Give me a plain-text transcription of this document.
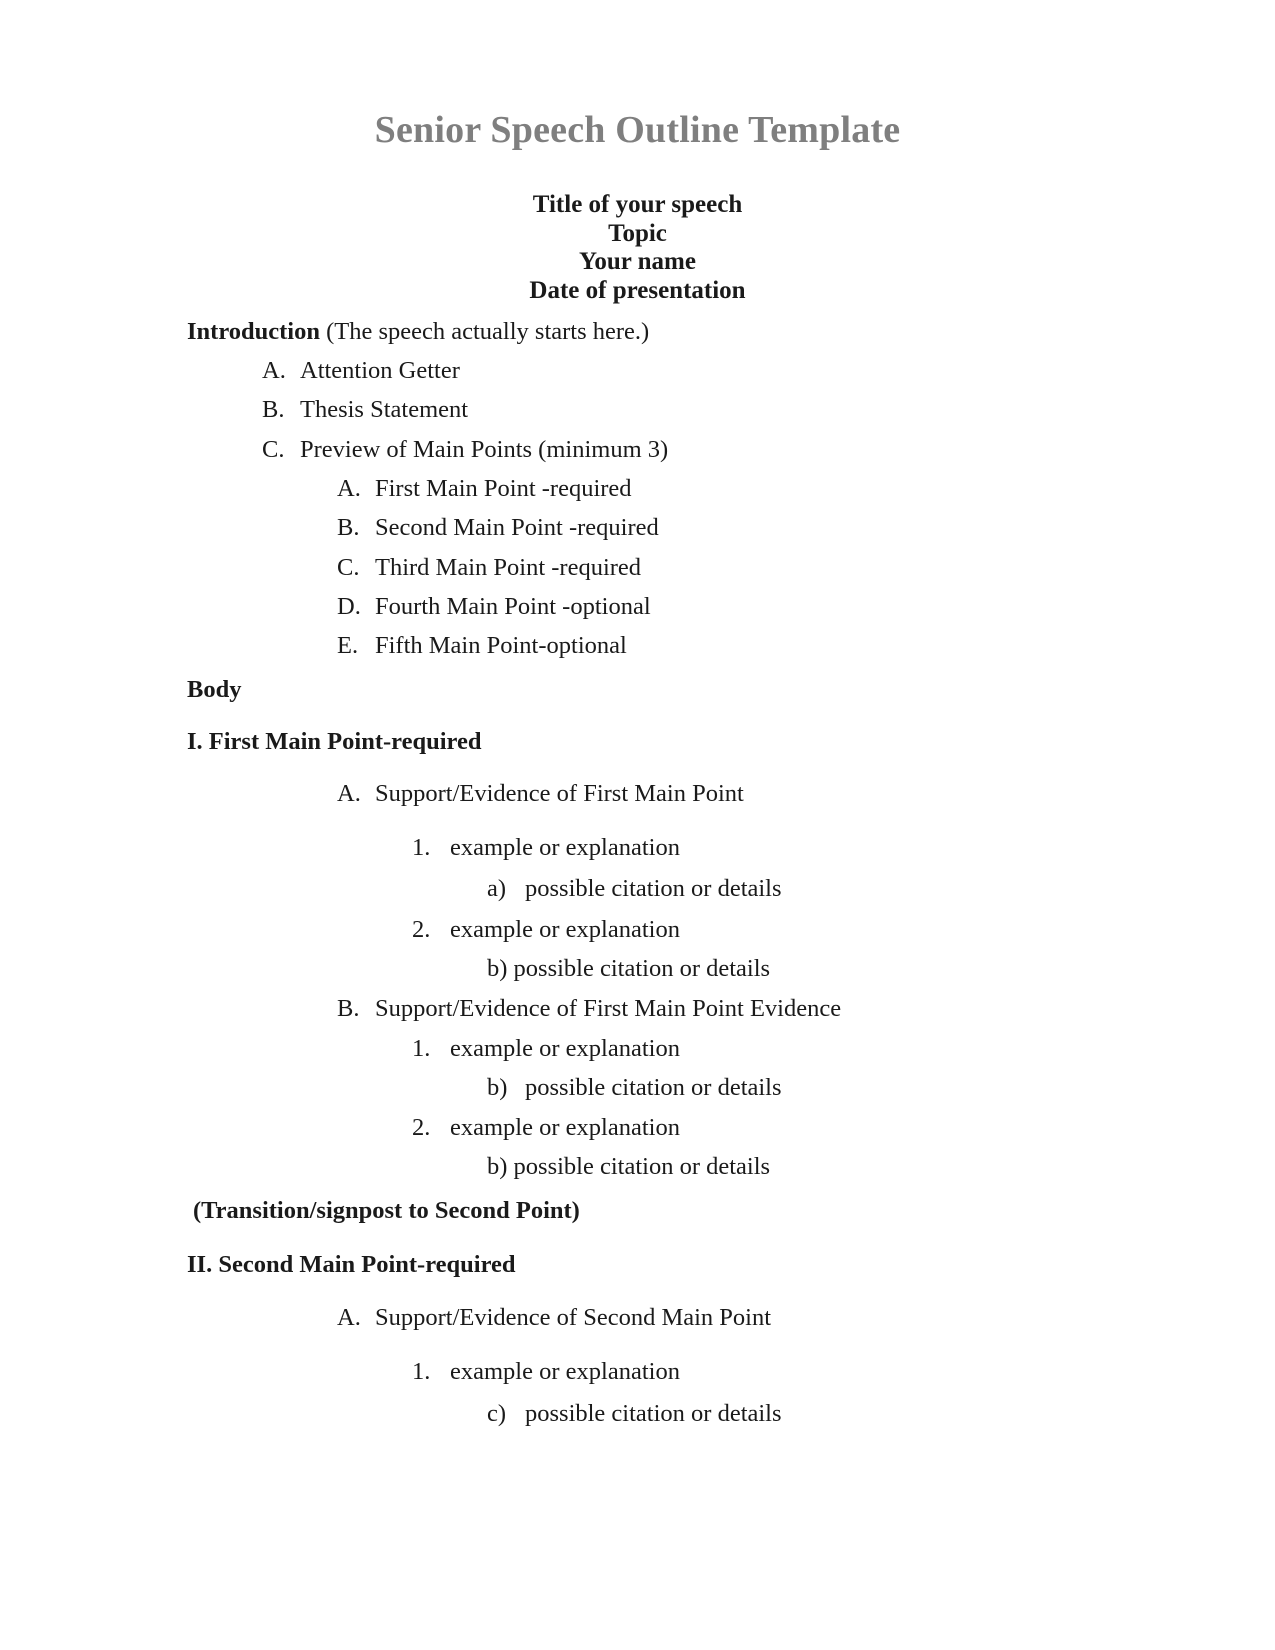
Senior Speech Outline Template
Title of your speech
Topic
Your name
Date of presentation
Introduction (The speech actually starts here.)
A. Attention Getter
B. Thesis Statement
C. Preview of Main Points (minimum 3)
A. First Main Point -required
B. Second Main Point -required
C. Third Main Point -required
D. Fourth Main Point -optional
E. Fifth Main Point-optional
Body
I. First Main Point-required
A. Support/Evidence of First Main Point
1. example or explanation
a) possible citation or details
2. example or explanation
b) possible citation or details
B. Support/Evidence of First Main Point Evidence
1. example or explanation
b) possible citation or details
2. example or explanation
b) possible citation or details
(Transition/signpost to Second Point)
II. Second Main Point-required
A. Support/Evidence of Second Main Point
1. example or explanation
c) possible citation or details
